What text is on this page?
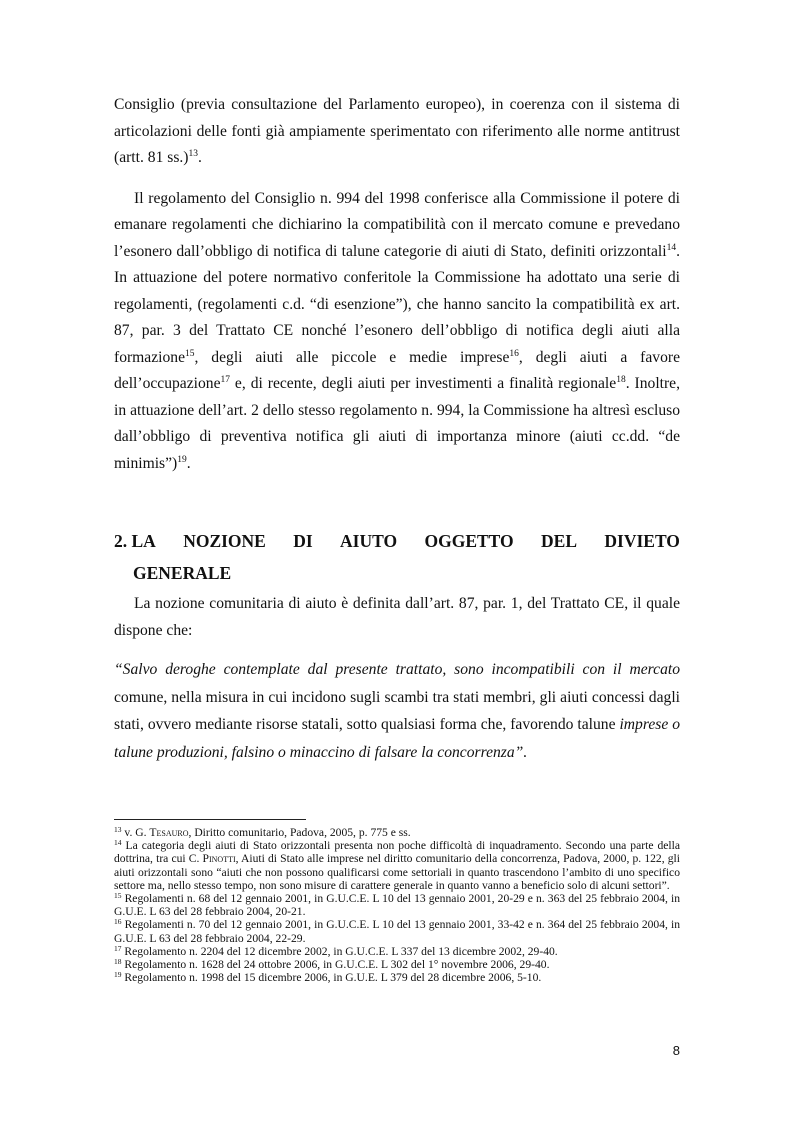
Consiglio (previa consultazione del Parlamento europeo), in coerenza con il sistema di articolazioni delle fonti già ampiamente sperimentato con riferimento alle norme antitrust (artt. 81 ss.)$^{13}$.

Il regolamento del Consiglio n. 994 del 1998 conferisce alla Commissione il potere di emanare regolamenti che dichiarino la compatibilità con il mercato comune e prevedano l’esonero dall’obbligo di notifica di talune categorie di aiuti di Stato, definiti orizzontali$^{14}$. In attuazione del potere normativo conferitole la Commissione ha adottato una serie di regolamenti, (regolamenti c.d. “di esenzione”), che hanno sancito la compatibilità ex art. 87, par. 3 del Trattato CE nonché l’esonero dell’obbligo di notifica degli aiuti alla formazione$^{15}$, degli aiuti alle piccole e medie imprese$^{16}$, degli aiuti a favore dell’occupazione$^{17}$ e, di recente, degli aiuti per investimenti a finalità regionale$^{18}$. Inoltre, in attuazione dell’art. 2 dello stesso regolamento n. 994, la Commissione ha altresì escluso dall’obbligo di preventiva notifica gli aiuti di importanza minore (aiuti cc.dd. “de minimis”)$^{19}$.

2. LA NOZIONE DI AIUTO OGGETTO DEL DIVIETO
GENERALE

La nozione comunitaria di aiuto è definita dall’art. 87, par. 1, del Trattato CE, il quale dispone che:

“Salvo deroghe contemplate dal presente trattato, sono incompatibili con il mercato comune, nella misura in cui incidono sugli scambi tra stati membri, gli aiuti concessi dagli stati, ovvero mediante risorse statali, sotto qualsiasi forma che, favorendo talune imprese o talune produzioni, falsino o minaccino di falsare la concorrenza”.

$^{13}$ v. G. Tesauro, Diritto comunitario, Padova, 2005, p. 775 e ss.

$^{14}$ La categoria degli aiuti di Stato orizzontali presenta non poche difficoltà di inquadramento. Secondo una parte della dottrina, tra cui C. Pinotti, Aiuti di Stato alle imprese nel diritto comunitario della concorrenza, Padova, 2000, p. 122, gli aiuti orizzontali sono “aiuti che non possono qualificarsi come settoriali in quanto trascendono l’ambito di uno specifico settore ma, nello stesso tempo, non sono misure di carattere generale in quanto vanno a beneficio solo di alcuni settori”.

$^{15}$ Regolamenti n. 68 del 12 gennaio 2001, in G.U.C.E. L 10 del 13 gennaio 2001, 20-29 e n. 363 del 25 febbraio 2004, in G.U.E. L 63 del 28 febbraio 2004, 20-21.

$^{16}$ Regolamenti n. 70 del 12 gennaio 2001, in G.U.C.E. L 10 del 13 gennaio 2001, 33-42 e n. 364 del 25 febbraio 2004, in G.U.E. L 63 del 28 febbraio 2004, 22-29.

$^{17}$ Regolamento n. 2204 del 12 dicembre 2002, in G.U.C.E. L 337 del 13 dicembre 2002, 29-40.

$^{18}$ Regolamento n. 1628 del 24 ottobre 2006, in G.U.C.E. L 302 del 1° novembre 2006, 29-40.

$^{19}$ Regolamento n. 1998 del 15 dicembre 2006, in G.U.E. L 379 del 28 dicembre 2006, 5-10.

8
